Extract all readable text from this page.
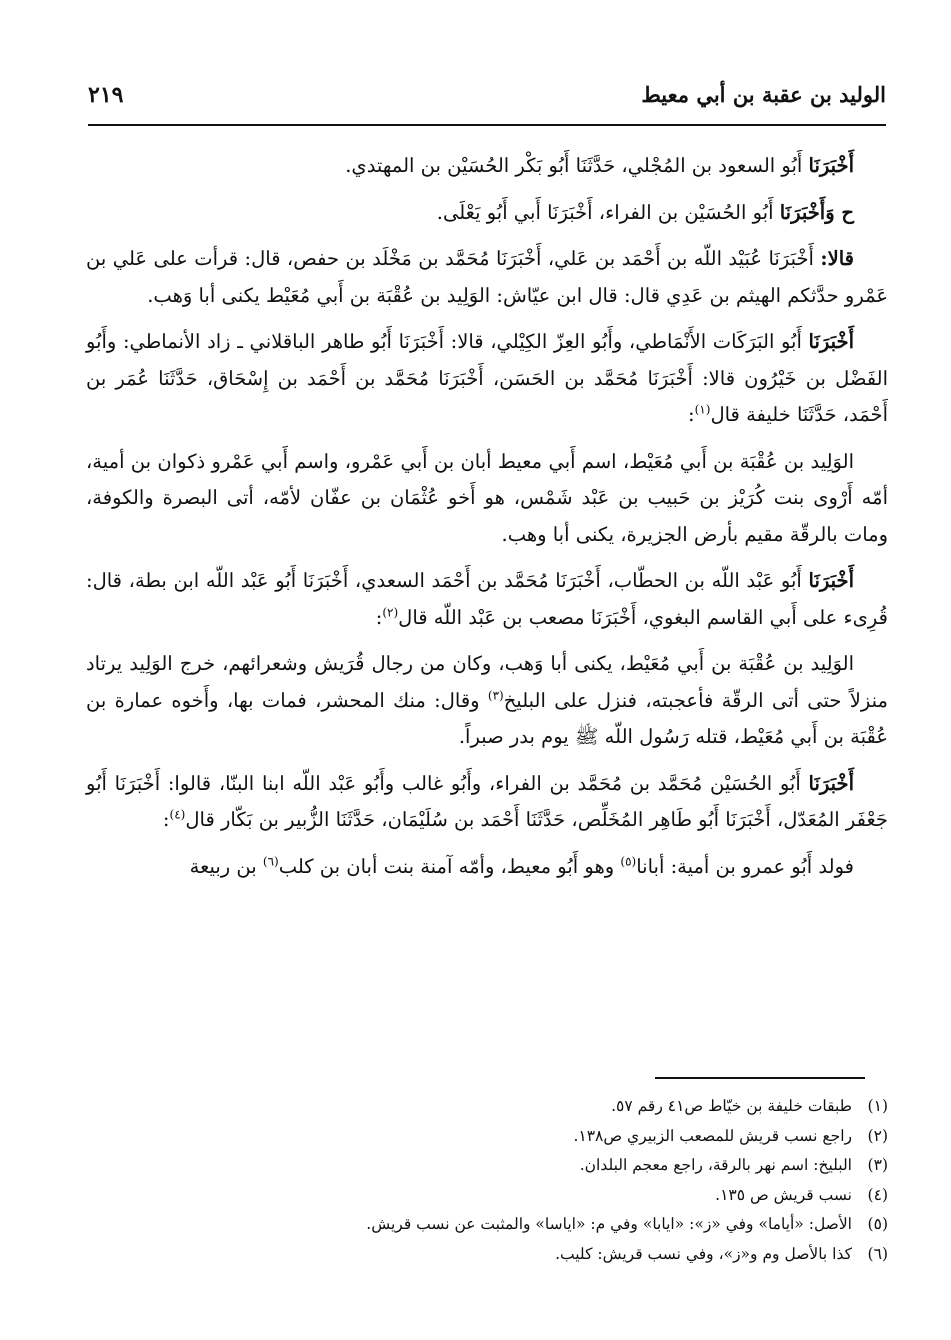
الوليد بن عقبة بن أبي معيط
٢١٩

أَخْبَرَنَا أَبُو السعود بن المُجْلي، حَدَّثَنَا أَبُو بَكْر الحُسَيْن بن المهتدي.

ح وَأَخْبَرَنَا أَبُو الحُسَيْن بن الفراء، أَخْبَرَنَا أَبي أَبُو يَعْلَى.

قالا: أَخْبَرَنَا عُبَيْد اللّه بن أَحْمَد بن عَلي، أَخْبَرَنَا مُحَمَّد بن مَخْلَد بن حفص، قال: قرأت على عَلي بن عَمْرو حدَّثكم الهيثم بن عَدِي قال: قال ابن عيّاش: الوَلِيد بن عُقْبَة بن أَبي مُعَيْط يكنى أبا وَهب.

أَخْبَرَنَا أَبُو البَرَكَات الأَنْمَاطي، وأَبُو العِزّ الكِيْلي، قالا: أَخْبَرَنَا أَبُو طاهر الباقلاني ـ زاد الأنماطي: وأَبُو الفَضْل بن خَيْرُون قالا: أَخْبَرَنَا مُحَمَّد بن الحَسَن، أَخْبَرَنَا مُحَمَّد بن أَحْمَد بن إِسْحَاق، حَدَّثَنَا عُمَر بن أَحْمَد، حَدَّثَنَا خليفة قال$^{(١)}$:

الوَلِيد بن عُقْبَة بن أَبي مُعَيْط، اسم أَبي معيط أبان بن أَبي عَمْرو، واسم أَبي عَمْرو ذكوان بن أمية، أمّه أَرْوى بنت كُرَيْز بن حَبيب بن عَبْد شَمْس، هو أَخو عُثْمَان بن عفّان لأمّه، أتى البصرة والكوفة، ومات بالرقّة مقيم بأرض الجزيرة، يكنى أبا وهب.

أَخْبَرَنَا أَبُو عَبْد اللّه بن الحطّاب، أَخْبَرَنَا مُحَمَّد بن أَحْمَد السعدي، أَخْبَرَنَا أَبُو عَبْد اللّه ابن بطة، قال: قُرِىء على أَبي القاسم البغوي، أَخْبَرَنَا مصعب بن عَبْد اللّه قال$^{(٢)}$:

الوَلِيد بن عُقْبَة بن أَبي مُعَيْط، يكنى أبا وَهب، وكان من رجال قُرَيش وشعرائهم، خرج الوَلِيد يرتاد منزلاً حتى أتى الرقّة فأعجبته، فنزل على البليخ$^{(٣)}$ وقال: منك المحشر، فمات بها، وأَخوه عمارة بن عُقْبَة بن أَبي مُعَيْط، قتله رَسُول اللّه ﷺ يوم بدر صبراً.

أَخْبَرَنَا أَبُو الحُسَيْن مُحَمَّد بن مُحَمَّد بن الفراء، وأَبُو غالب وأَبُو عَبْد اللّه ابنا البنّا، قالوا: أَخْبَرَنَا أَبُو جَعْفَر المُعَدّل، أَخْبَرَنَا أَبُو طَاهِر المُخَلِّص، حَدَّثَنَا أَحْمَد بن سُلَيْمَان، حَدَّثَنَا الزُّبير بن بَكّار قال$^{(٤)}$:

فولد أَبُو عمرو بن أمية: أبانا$^{(٥)}$ وهو أَبُو معيط، وأمّه آمنة بنت أبان بن كلب$^{(٦)}$ بن ربيعة

(١)
طبقات خليفة بن خيّاط ص٤١ رقم ٥٧.
(٢)
راجع نسب قريش للمصعب الزبيري ص١٣٨.
(٣)
البليخ: اسم نهر بالرقة، راجع معجم البلدان.
(٤)
نسب قريش ص ١٣٥.
(٥)
الأصل: «أياما» وفي «ز»: «ايابا» وفي م: «اياسا» والمثبت عن نسب قريش.
(٦)
كذا بالأصل وم و«ز»، وفي نسب قريش: كليب.
